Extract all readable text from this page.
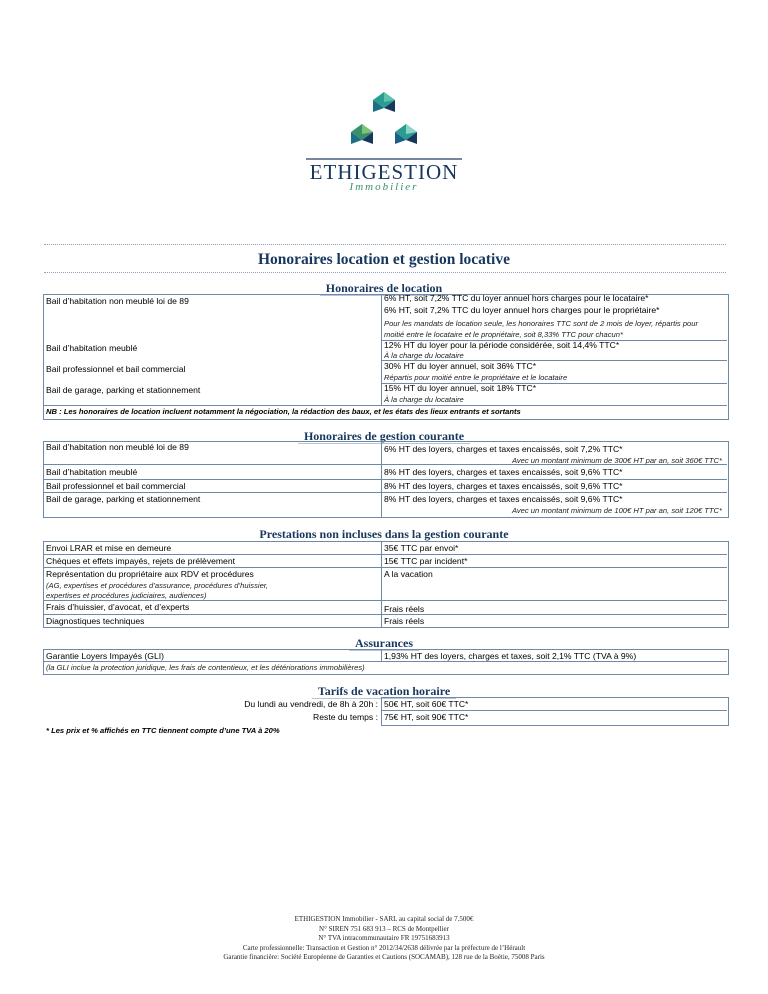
ETHIGESTION
Immobilier
Honoraires location et gestion locative
Honoraires de location
Bail d’habitation non meublé loi de 89	6% HT, soit 7,2% TTC du loyer annuel hors charges pour le locataire*
6% HT, soit 7,2% TTC du loyer annuel hors charges pour le propriétaire*
Pour les mandats de location seule, les honoraires TTC sont de 2 mois de loyer, répartis pour
moitié entre le locataire et le propriétaire, soit 8,33% TTC pour chacun*
Bail d’habitation meublé	12% HT du loyer pour la période considérée, soit 14,4% TTC*
À la charge du locataire
Bail professionnel et bail commercial	30% HT du loyer annuel, soit 36% TTC*
Répartis pour moitié entre le propriétaire et le locataire
Bail de garage, parking et stationnement	15% HT du loyer annuel, soit 18% TTC*
À la charge du locataire
NB : Les honoraires de location incluent notamment la négociation, la rédaction des baux, et les états des lieux entrants et sortants
Honoraires de gestion courante
Bail d’habitation non meublé loi de 89	6% HT des loyers, charges et taxes encaissés, soit 7,2% TTC*
Avec un montant minimum de 300€ HT par an, soit 360€ TTC*
Bail d’habitation meublé	8% HT des loyers, charges et taxes encaissés, soit 9,6% TTC*
Bail professionnel et bail commercial	8% HT des loyers, charges et taxes encaissés, soit 9,6% TTC*
Bail de garage, parking et stationnement	8% HT des loyers, charges et taxes encaissés, soit 9,6% TTC*
Avec un montant minimum de 100€ HT par an, soit 120€ TTC*
Prestations non incluses dans la gestion courante
Envoi LRAR et mise en demeure	35€ TTC par envoi*
Chèques et effets impayés, rejets de prélèvement	15€ TTC par incident*
Représentation du propriétaire aux RDV et procédures	A la vacation
(AG, expertises et procédures d’assurance, procédures d’huissier,
expertises et procédures judiciaires, audiences)
Frais d’huissier, d’avocat, et d’experts	Frais réels
Diagnostiques techniques	Frais réels
Assurances
Garantie Loyers Impayés (GLI)	1,93% HT des loyers, charges et taxes, soit 2,1% TTC (TVA à 9%)
(la GLI inclue la protection juridique, les frais de contentieux, et les détériorations immobilières)
Tarifs de vacation horaire
Du lundi au vendredi, de 8h à 20h : 50€ HT, soit 60€ TTC*
Reste du temps : 75€ HT, soit 90€ TTC*
* Les prix et % affichés en TTC tiennent compte d’une TVA à 20%
ETHIGESTION Immobilier - SARL au capital social de 7.500€
N° SIREN 751 683 913 – RCS de Montpellier
N° TVA intracommunautaire FR 19751683913
Carte professionnelle: Transaction et Gestion n° 2012/34/2638 délivrée par la préfecture de l’Hérault
Garantie financière: Société Européenne de Garanties et Cautions (SOCAMAB), 128 rue de la Boétie, 75008 Paris
